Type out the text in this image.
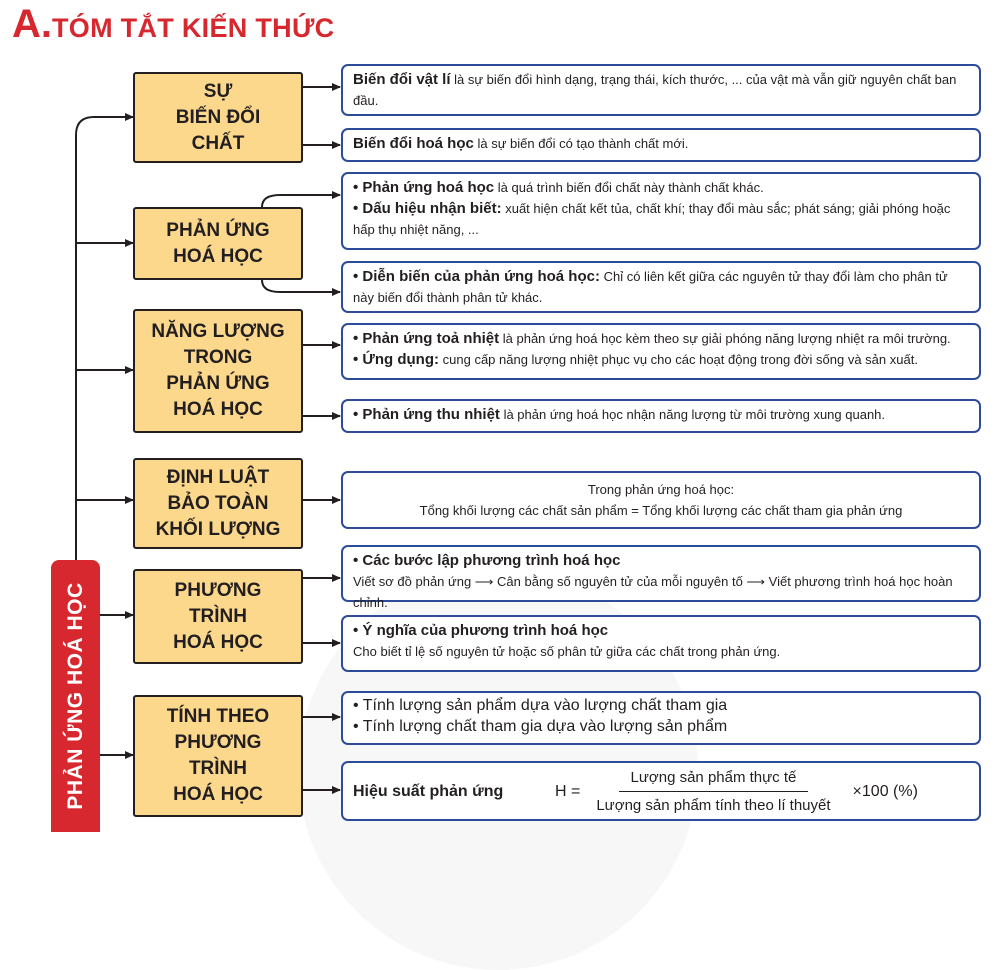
A. TÓM TẮT KIẾN THỨC
PHẢN ỨNG HOÁ HỌC
SỰ
BIẾN ĐỔI
CHẤT
PHẢN ỨNG
HOÁ HỌC
NĂNG LƯỢNG
TRONG
PHẢN ỨNG
HOÁ HỌC
ĐỊNH LUẬT
BẢO TOÀN
KHỐI LƯỢNG
PHƯƠNG
TRÌNH
HOÁ HỌC
TÍNH THEO
PHƯƠNG
TRÌNH
HOÁ HỌC
Biến đổi vật lí là sự biến đổi hình dạng, trạng thái, kích thước, ... của vật mà vẫn giữ nguyên chất ban đầu.
Biến đổi hoá học là sự biến đổi có tạo thành chất mới.
• Phản ứng hoá học là quá trình biến đổi chất này thành chất khác.
• Dấu hiệu nhận biết: xuất hiện chất kết tủa, chất khí; thay đổi màu sắc; phát sáng; giải phóng hoặc hấp thụ nhiệt năng, ...
• Diễn biến của phản ứng hoá học: Chỉ có liên kết giữa các nguyên tử thay đổi làm cho phân tử này biến đổi thành phân tử khác.
• Phản ứng toả nhiệt là phản ứng hoá học kèm theo sự giải phóng năng lượng nhiệt ra môi trường.
• Ứng dụng: cung cấp năng lượng nhiệt phục vụ cho các hoạt động trong đời sống và sản xuất.
• Phản ứng thu nhiệt là phản ứng hoá học nhận năng lượng từ môi trường xung quanh.
Trong phản ứng hoá học:
Tổng khối lượng các chất sản phẩm = Tổng khối lượng các chất tham gia phản ứng
• Các bước lập phương trình hoá học
Viết sơ đồ phản ứng ⟶ Cân bằng số nguyên tử của mỗi nguyên tố ⟶ Viết phương trình hoá học hoàn chỉnh.
• Ý nghĩa của phương trình hoá học
Cho biết tỉ lệ số nguyên tử hoặc số phân tử giữa các chất trong phản ứng.
• Tính lượng sản phẩm dựa vào lượng chất tham gia
• Tính lượng chất tham gia dựa vào lượng sản phẩm
Hiệu suất phản ứng	$H = \frac{\text{Lượng sản phẩm thực tế}}{\text{Lượng sản phẩm tính theo lí thuyết}} \times 100$ (%)
